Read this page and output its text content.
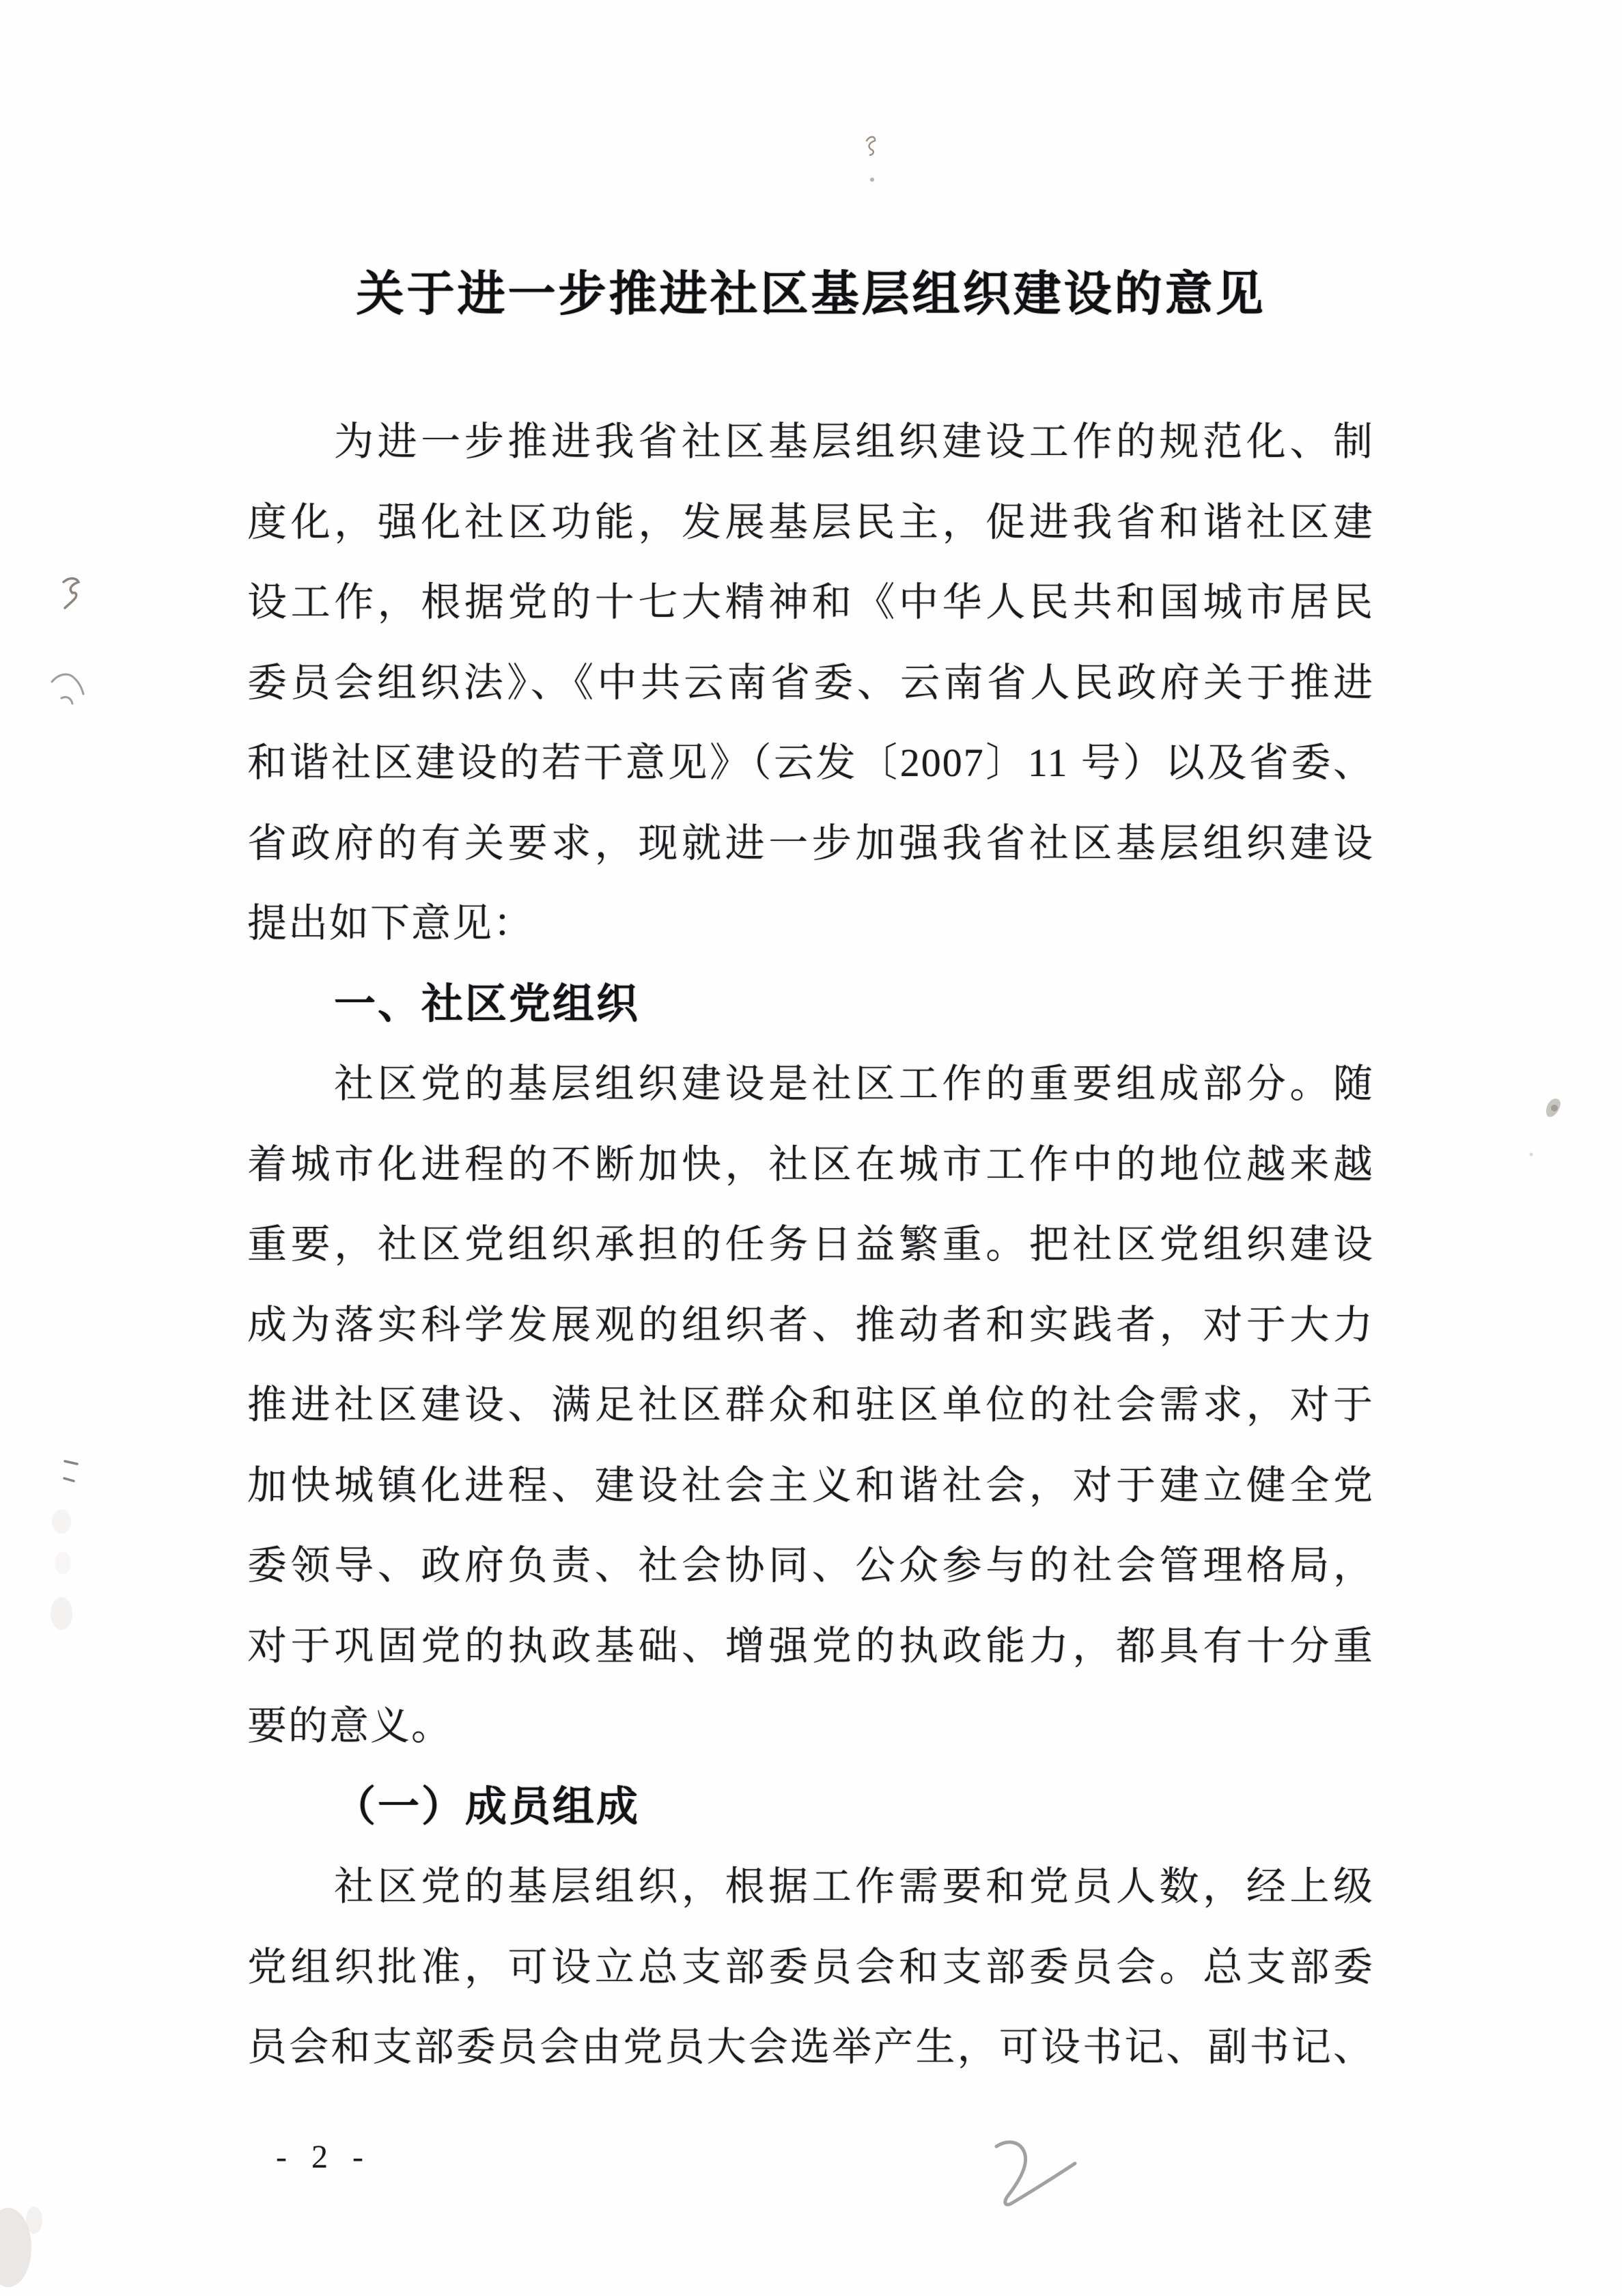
关于进一步推进社区基层组织建设的意见
为进一步推进我省社区基层组织建设工作的规范化、制
度化，强化社区功能，发展基层民主，促进我省和谐社区建
设工作，根据党的十七大精神和《中华人民共和国城市居民
委员会组织法》、《中共云南省委、云南省人民政府关于推进
和谐社区建设的若干意见》（云发〔2007〕11 号）以及省委、
省政府的有关要求，现就进一步加强我省社区基层组织建设
提出如下意见：
一、社区党组织
社区党的基层组织建设是社区工作的重要组成部分。随
着城市化进程的不断加快，社区在城市工作中的地位越来越
重要，社区党组织承担的任务日益繁重。把社区党组织建设
成为落实科学发展观的组织者、推动者和实践者，对于大力
推进社区建设、满足社区群众和驻区单位的社会需求，对于
加快城镇化进程、建设社会主义和谐社会，对于建立健全党
委领导、政府负责、社会协同、公众参与的社会管理格局，
对于巩固党的执政基础、增强党的执政能力，都具有十分重
要的意义。
（一）成员组成
社区党的基层组织，根据工作需要和党员人数，经上级
党组织批准，可设立总支部委员会和支部委员会。总支部委
员会和支部委员会由党员大会选举产生，可设书记、副书记、
- 2 -
